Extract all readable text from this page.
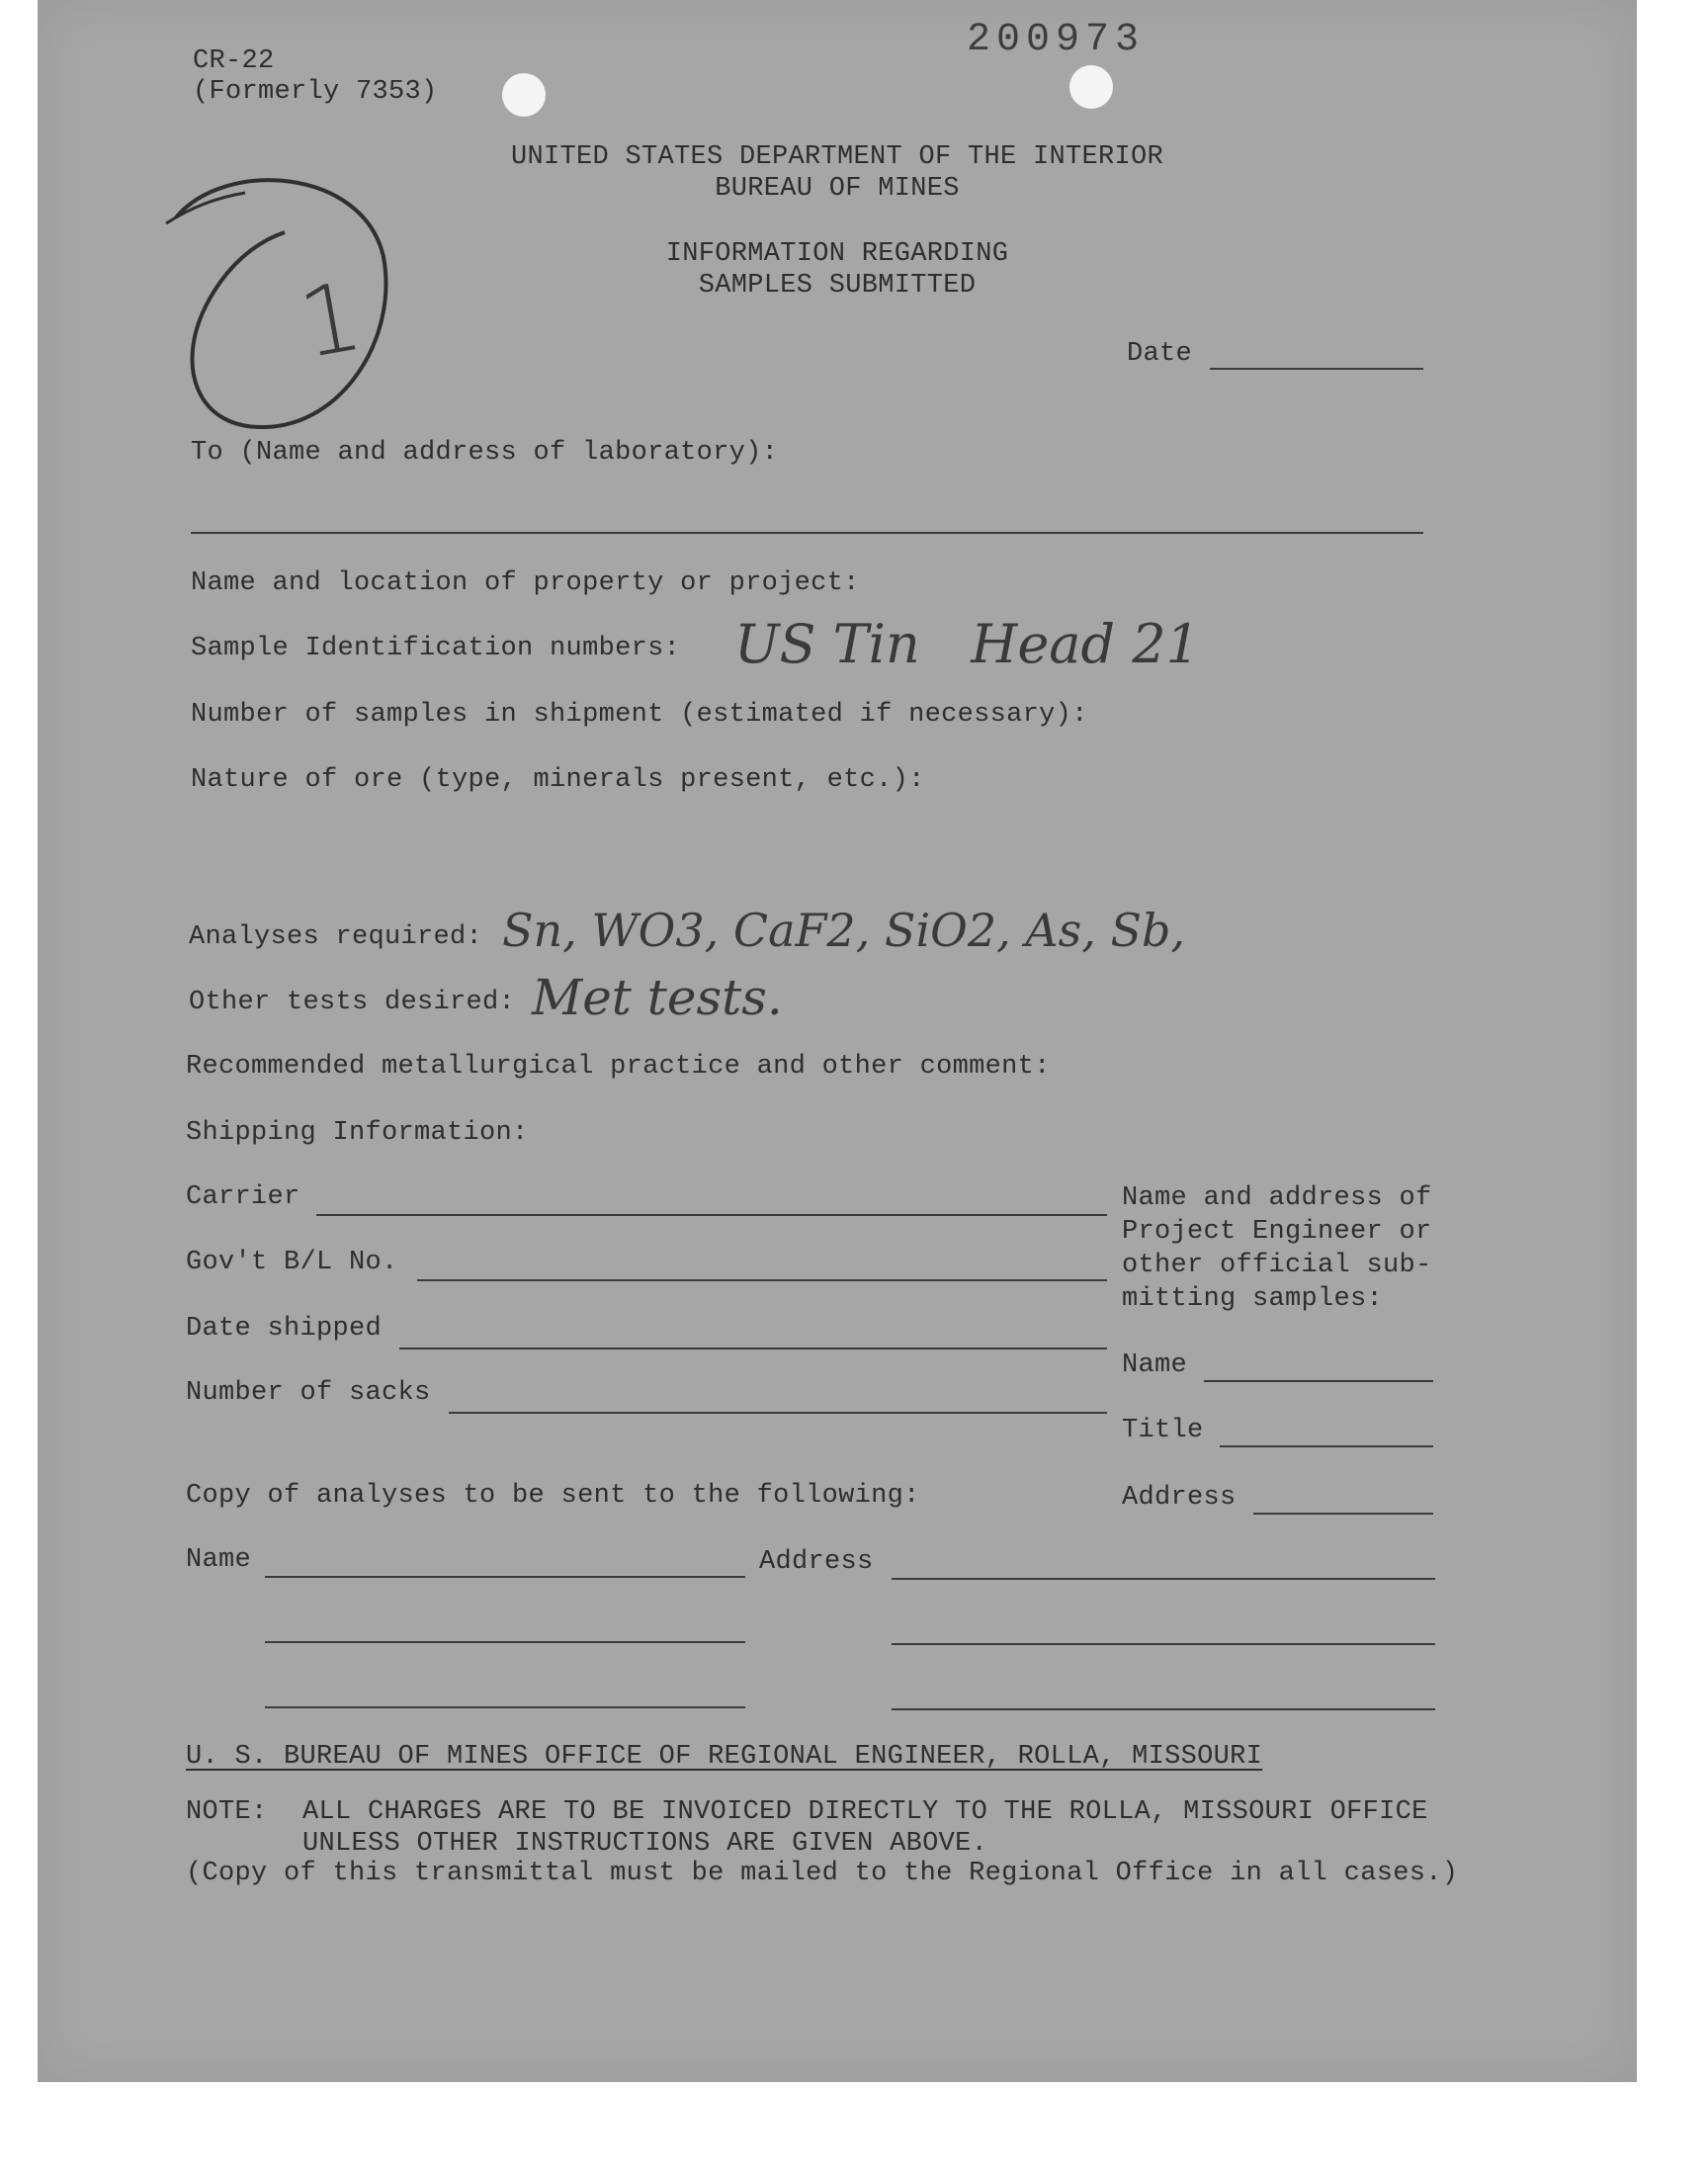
CR-22
(Formerly 7353)
200973
1
UNITED STATES DEPARTMENT OF THE INTERIOR
BUREAU OF MINES
INFORMATION REGARDING
SAMPLES SUBMITTED
Date
To (Name and address of laboratory):
Name and location of property or project:
Sample Identification numbers: US Tin   Head 21
Number of samples in shipment (estimated if necessary):
Nature of ore (type, minerals present, etc.):
Analyses required: Sn, WO3, CaF2, SiO2, As, Sb,
Other tests desired: Met tests.
Recommended metallurgical practice and other comment:
Shipping Information:
Carrier
Gov't B/L No.
Date shipped
Number of sacks
Name and address of
Project Engineer or
other official sub-
mitting samples:
Name
Title
Address
Copy of analyses to be sent to the following:
Name	Address
U. S. BUREAU OF MINES OFFICE OF REGIONAL ENGINEER, ROLLA, MISSOURI
NOTE: ALL CHARGES ARE TO BE INVOICED DIRECTLY TO THE ROLLA, MISSOURI OFFICE
UNLESS OTHER INSTRUCTIONS ARE GIVEN ABOVE.
(Copy of this transmittal must be mailed to the Regional Office in all cases.)
